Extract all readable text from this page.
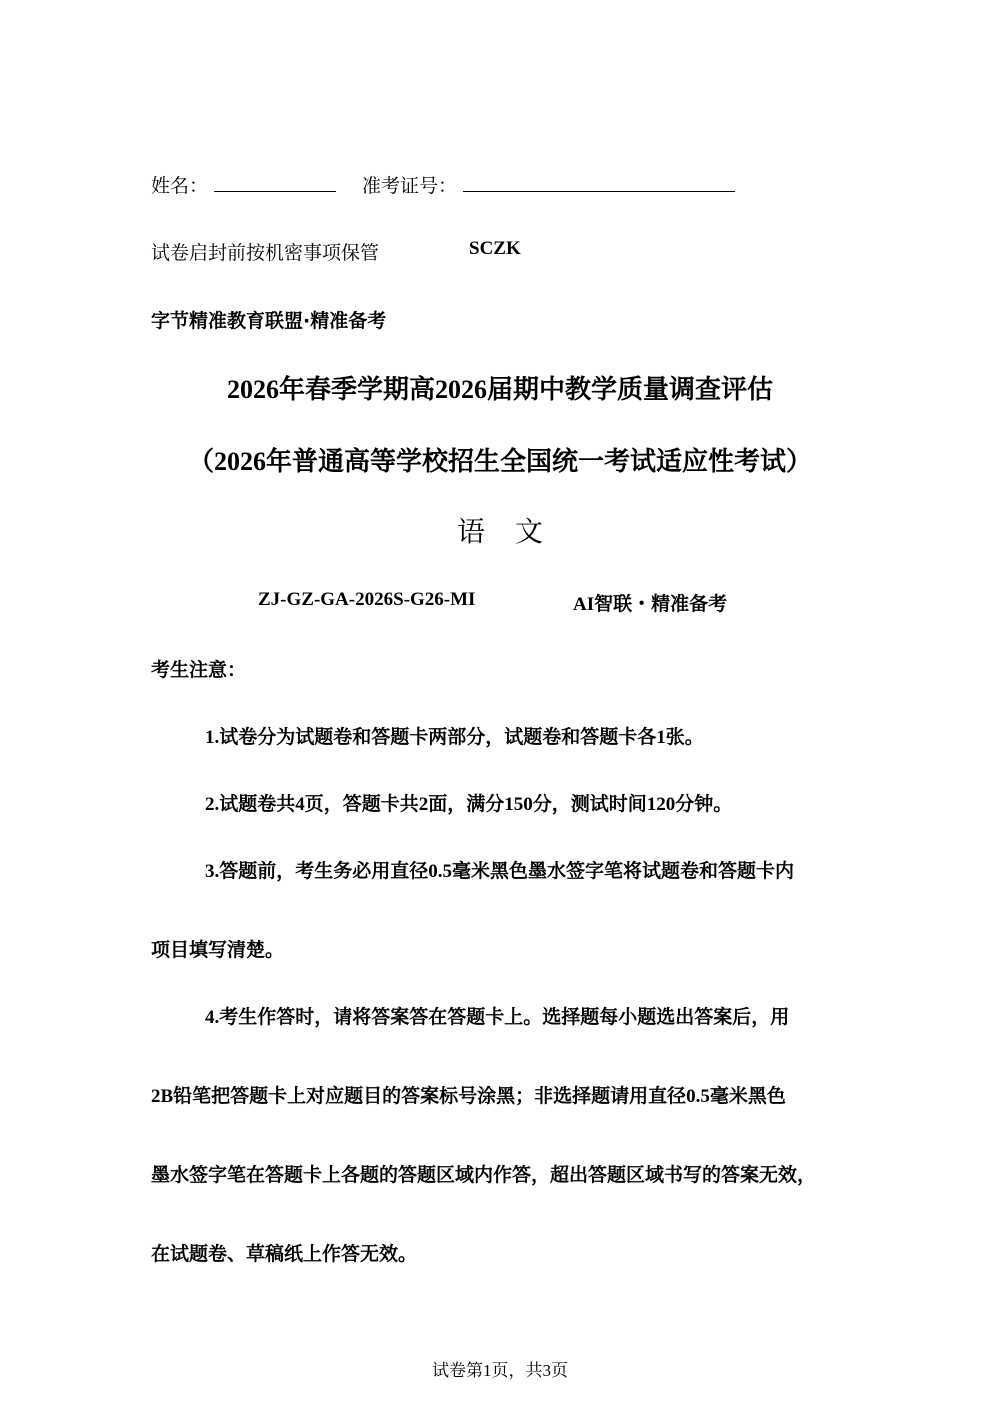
姓名：	准考证号：
试卷启封前按机密事项保管	SCZK
字节精准教育联盟·精准备考
2026年春季学期高2026届期中教学质量调查评估
（2026年普通高等学校招生全国统一考试适应性考试）
语文
ZJ-GZ-GA-2026S-G26-MI	AI智联・精准备考
考生注意：
1.试卷分为试题卷和答题卡两部分，试题卷和答题卡各1张。
2.试题卷共4页，答题卡共2面，满分150分，测试时间120分钟。
3.答题前，考生务必用直径0.5毫米黑色墨水签字笔将试题卷和答题卡内
项目填写清楚。
4.考生作答时，请将答案答在答题卡上。选择题每小题选出答案后，用
2B铅笔把答题卡上对应题目的答案标号涂黑；非选择题请用直径0.5毫米黑色
墨水签字笔在答题卡上各题的答题区域内作答，超出答题区域书写的答案无效，
在试题卷、草稿纸上作答无效。
试卷第1页，共3页
